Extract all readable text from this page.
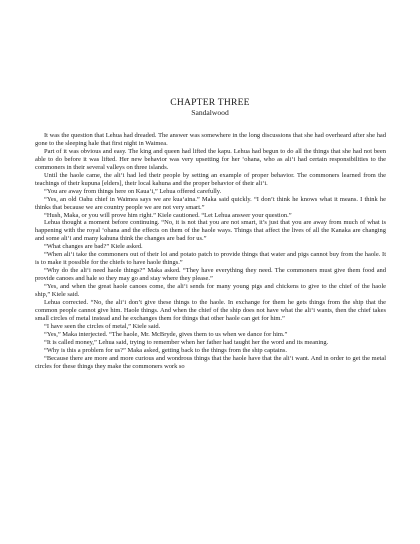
CHAPTER THREE
Sandalwood

It was the question that Lehua had dreaded. The answer was somewhere in the long discussions that she had overheard after she had gone to the sleeping hale that first night in Waimea.

Part of it was obvious and easy. The king and queen had lifted the kapu. Lehua had begun to do all the things that she had not been able to do before it was lifted. Her new behavior was very upsetting for her ‘ohana, who as ali‘i had certain responsibilities to the commoners in their several valleys on three islands.

Until the haole came, the ali‘i had led their people by setting an example of proper behavior. The commoners learned from the teachings of their kupuna [elders], their local kahuna and the proper behavior of their ali‘i.

“You are away from things here on Kaua‘i,” Lehua offered carefully.

“Yes, an old Oahu chief in Waimea says we are kua‘aina.” Maka said quickly. “I don’t think he knows what it means. I think he thinks that because we are country people we are not very smart.”

“Hush, Maka, or you will prove him right.” Kiele cautioned. “Let Lehua answer your question.”

Lehua thought a moment before continuing. “No, it is not that you are not smart, it’s just that you are away from much of what is happening with the royal ‘ohana and the effects on them of the haole ways. Things that affect the lives of all the Kanaka are changing and some ali‘i and many kahuna think the changes are bad for us.”

“What changes are bad?” Kiele asked.

“When ali‘i take the commoners out of their loi and potato patch to provide things that water and pigs cannot buy from the haole. It is to make it possible for the chiefs to have haole things.”

“Why do the ali‘i need haole things?” Maka asked. “They have everything they need. The commoners must give them food and provide canoes and hale so they may go and stay where they please.”

“Yes, and when the great haole canoes come, the ali‘i sends for many young pigs and chickens to give to the chief of the haole ship,” Kiele said.

Lehua corrected. “No, the ali‘i don’t give these things to the haole. In exchange for them he gets things from the ship that the common people cannot give him. Haole things. And when the chief of the ship does not have what the ali‘i wants, then the chief takes small circles of metal instead and he exchanges them for things that other haole can get for him.”

“I have seen the circles of metal,” Kiele said.

“Yes,” Maka interjected. “The haole, Mr. McBryde, gives them to us when we dance for him.”

“It is called money,” Lehua said, trying to remember when her father had taught her the word and its meaning.

“Why is this a problem for us?” Maka asked, getting back to the things from the ship captains.

“Because there are more and more curious and wondrous things that the haole have that the ali‘i want. And in order to get the metal circles for these things they make the commoners work so
